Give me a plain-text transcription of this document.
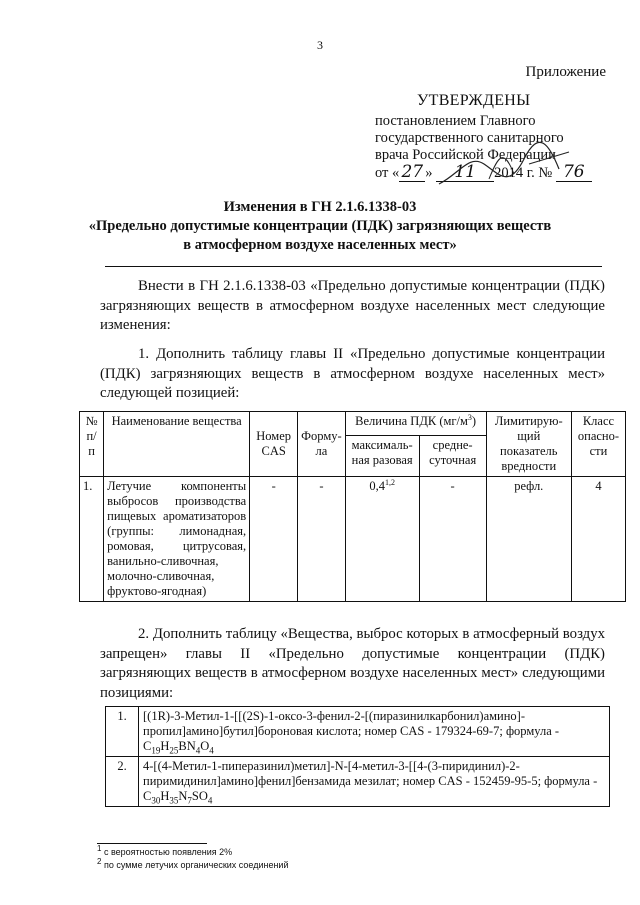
3
Приложение
УТВЕРЖДЕНЫ
постановлением Главного
государственного санитарного
врача Российской Федерации
от « 27 » 11 2014 г. № 76
Изменения в ГН 2.1.6.1338-03
«Предельно допустимые концентрации (ПДК) загрязняющих веществ
в атмосферном воздухе населенных мест»

Внести в ГН 2.1.6.1338-03 «Предельно допустимые концентрации (ПДК) загрязняющих веществ в атмосферном воздухе населенных мест следующие изменения:

1. Дополнить таблицу главы II «Предельно допустимые концентрации (ПДК) загрязняющих веществ в атмосферном воздухе населенных мест» следующей позицией:

№ п/ п	Наименование вещества	Номер CAS	Форму- ла	Величина ПДК $(мг/м^3)$		Лимитирую- щий показатель вредности	Класс опасно- сти
				максималь- ная разовая	средне- суточная		
1.	Летучие компоненты выбросов производства пищевых ароматизаторов (группы: лимонадная, ромовая, цитрусовая, ванильно-сливочная, молочно-сливочная, фруктово-ягодная)	-	-	0,4$^{1,2}$	-	рефл.	4

2. Дополнить таблицу «Вещества, выброс которых в атмосферный воздух запрещен» главы II «Предельно допустимые концентрации (ПДК) загрязняющих веществ в атмосферном воздухе населенных мест» следующими позициями:

1.	[(1R)-3-Метил-1-[[(2S)-1-оксо-3-фенил-2-[(пиразинилкарбонил)амино]-пропил]амино]бутил]бороновая кислота; номер CAS - 179324-69-7; формула -
$C_{19}H_{25}BN_4O_4$
2.	4-[(4-Метил-1-пиперазинил)метил]-N-[4-метил-3-[[4-(3-пиридинил)-2-пиримидинил]амино]фенил]бензамида мезилат; номер CAS - 152459-95-5; формула -
$C_{30}H_{35}N_7SO_4$
$^1$ с вероятностью появления 2%
$^2$ по сумме летучих органических соединений
